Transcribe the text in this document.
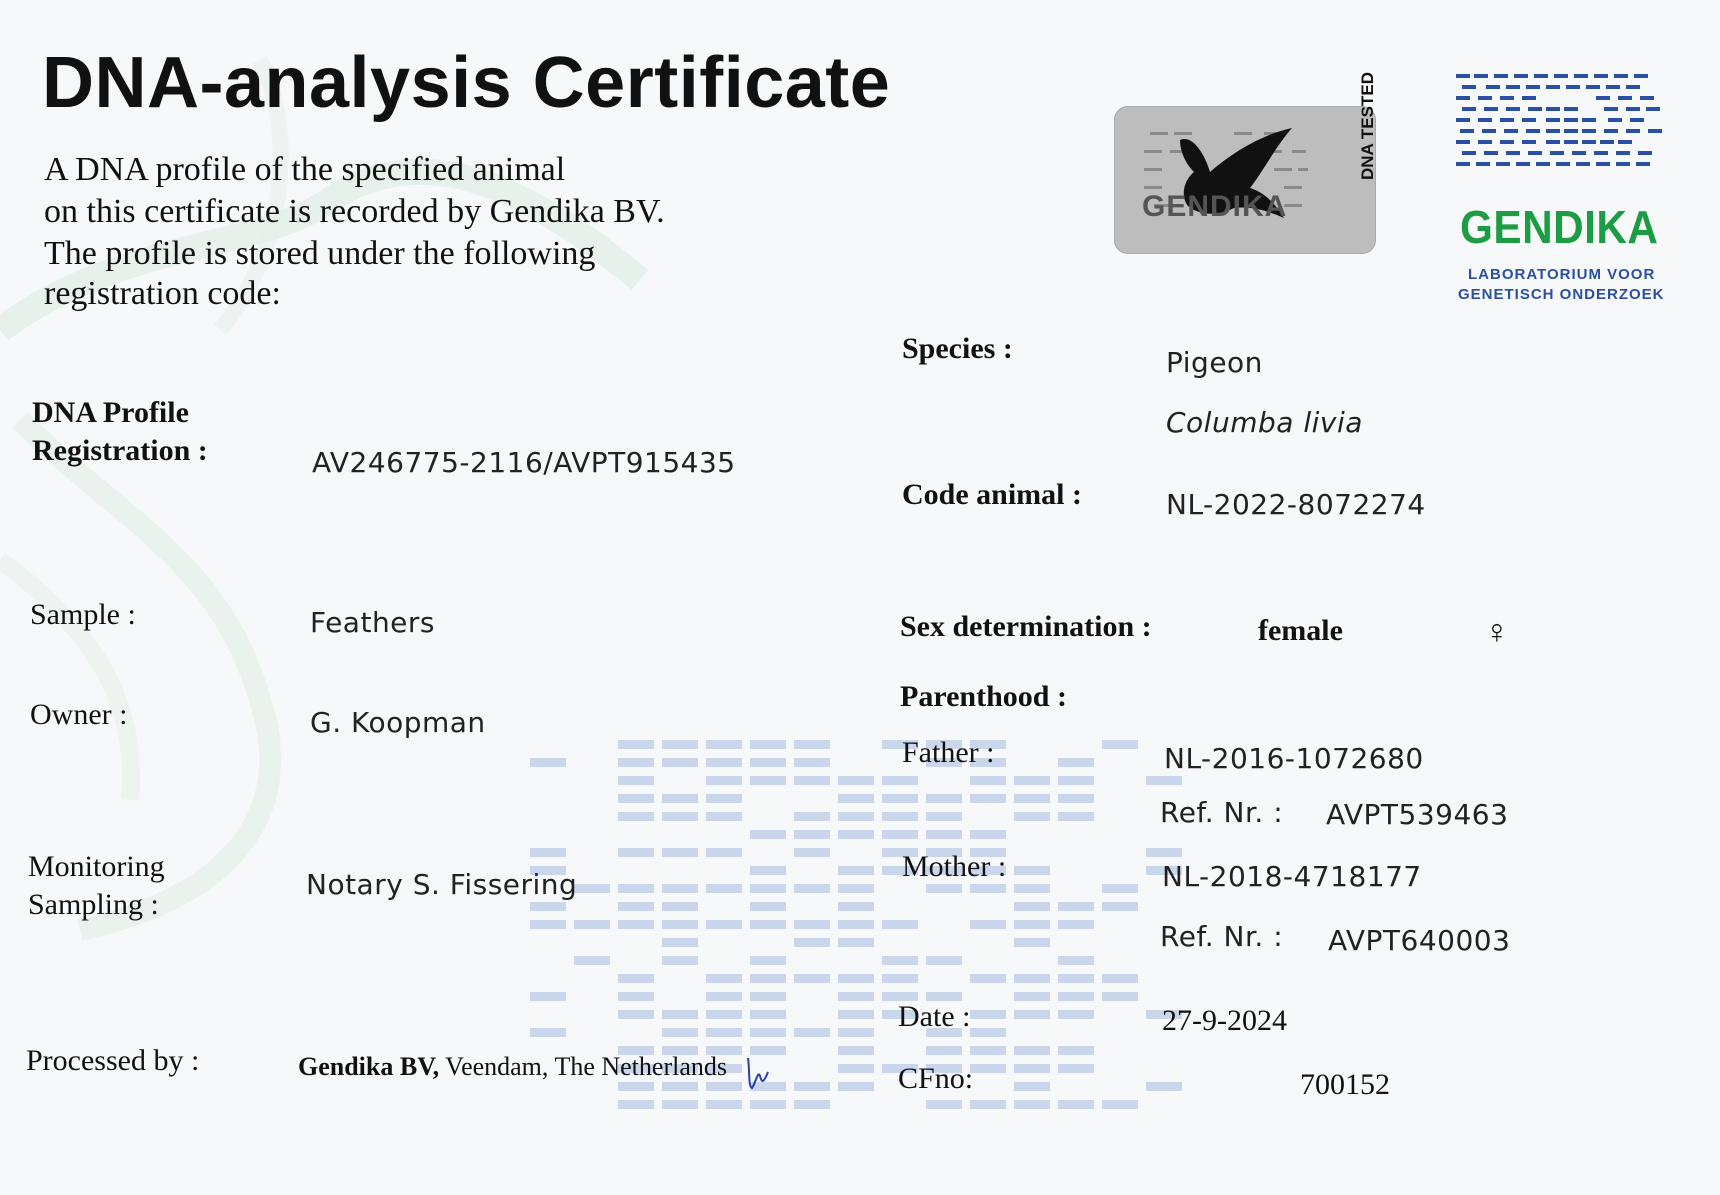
DNA-analysis Certificate
A DNA profile of the specified animal
on this certificate is recorded by Gendika BV.
The profile is stored under the following
registration code:
GENDIKA
DNA TESTED
GENDIKA
LABORATORIUM VOOR
GENETISCH ONDERZOEK
DNA Profile
Registration :	AV246775-2116/AVPT915435
Sample :	Feathers
Owner :	G. Koopman
Monitoring
Sampling :
Notary S. Fissering
Processed by :	Gendika BV, Veendam, The Netherlands
Species :	Pigeon
Columba livia
Code animal :	NL-2022-8072274
Sex determination :	female	♀
Parenthood :
Father :	NL-2016-1072680
Ref. Nr. : AVPT539463
Mother :	NL-2018-4718177
Ref. Nr. : AVPT640003
Date :	27-9-2024
CFno:	700152
